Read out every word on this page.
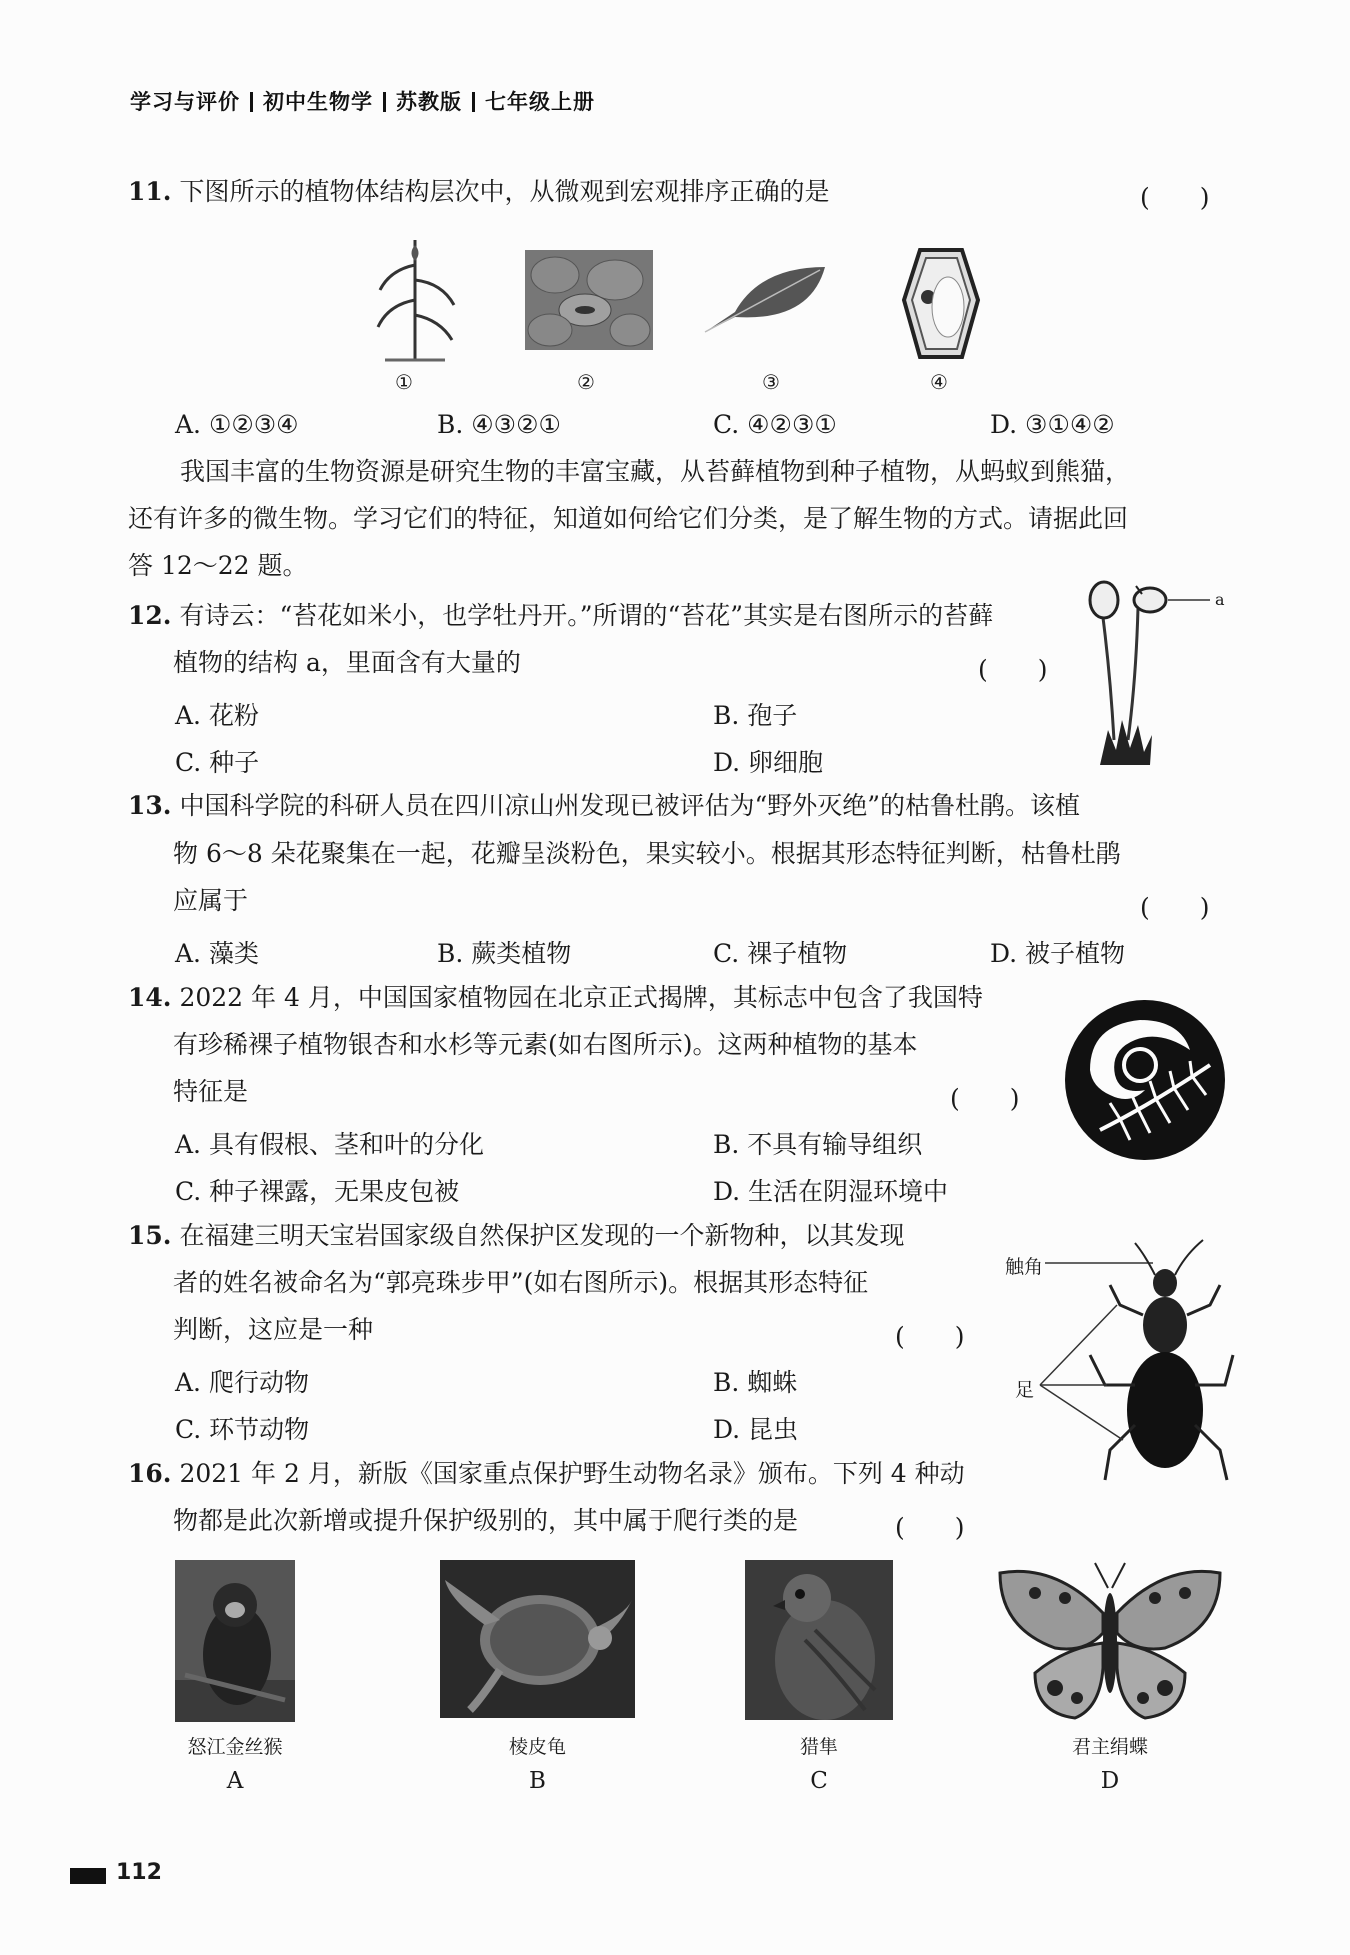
学习与评价 初中生物学 苏教版 七年级上册
11. 下图所示的植物体结构层次中，从微观到宏观排序正确的是	(　　)
①	②	③	④
A. ①②③④	B. ④③②①	C. ④②③①	D. ③①④②
我国丰富的生物资源是研究生物的丰富宝藏，从苔藓植物到种子植物，从蚂蚁到熊猫，
还有许多的微生物。学习它们的特征，知道如何给它们分类，是了解生物的方式。请据此回
答 12～22 题。
12. 有诗云：“苔花如米小，也学牡丹开。”所谓的“苔花”其实是右图所示的苔藓
植物的结构 a，里面含有大量的	(　　)
A. 花粉	B. 孢子
C. 种子	D. 卵细胞
a
13. 中国科学院的科研人员在四川凉山州发现已被评估为“野外灭绝”的枯鲁杜鹃。该植
物 6～8 朵花聚集在一起，花瓣呈淡粉色，果实较小。根据其形态特征判断，枯鲁杜鹃
应属于	(　　)
A. 藻类	B. 蕨类植物	C. 裸子植物	D. 被子植物
14. 2022 年 4 月，中国国家植物园在北京正式揭牌，其标志中包含了我国特
有珍稀裸子植物银杏和水杉等元素(如右图所示)。这两种植物的基本
特征是	(　　)
A. 具有假根、茎和叶的分化	B. 不具有输导组织
C. 种子裸露，无果皮包被	D. 生活在阴湿环境中
15. 在福建三明天宝岩国家级自然保护区发现的一个新物种，以其发现
者的姓名被命名为“郭亮珠步甲”(如右图所示)。根据其形态特征
判断，这应是一种	(　　)
A. 爬行动物	B. 蜘蛛
C. 环节动物	D. 昆虫
触角
足
16. 2021 年 2 月，新版《国家重点保护野生动物名录》颁布。下列 4 种动
物都是此次新增或提升保护级别的，其中属于爬行类的是	(　　)
怒江金丝猴	棱皮龟	猎隼	君主绢蝶
A	B	C	D
112
